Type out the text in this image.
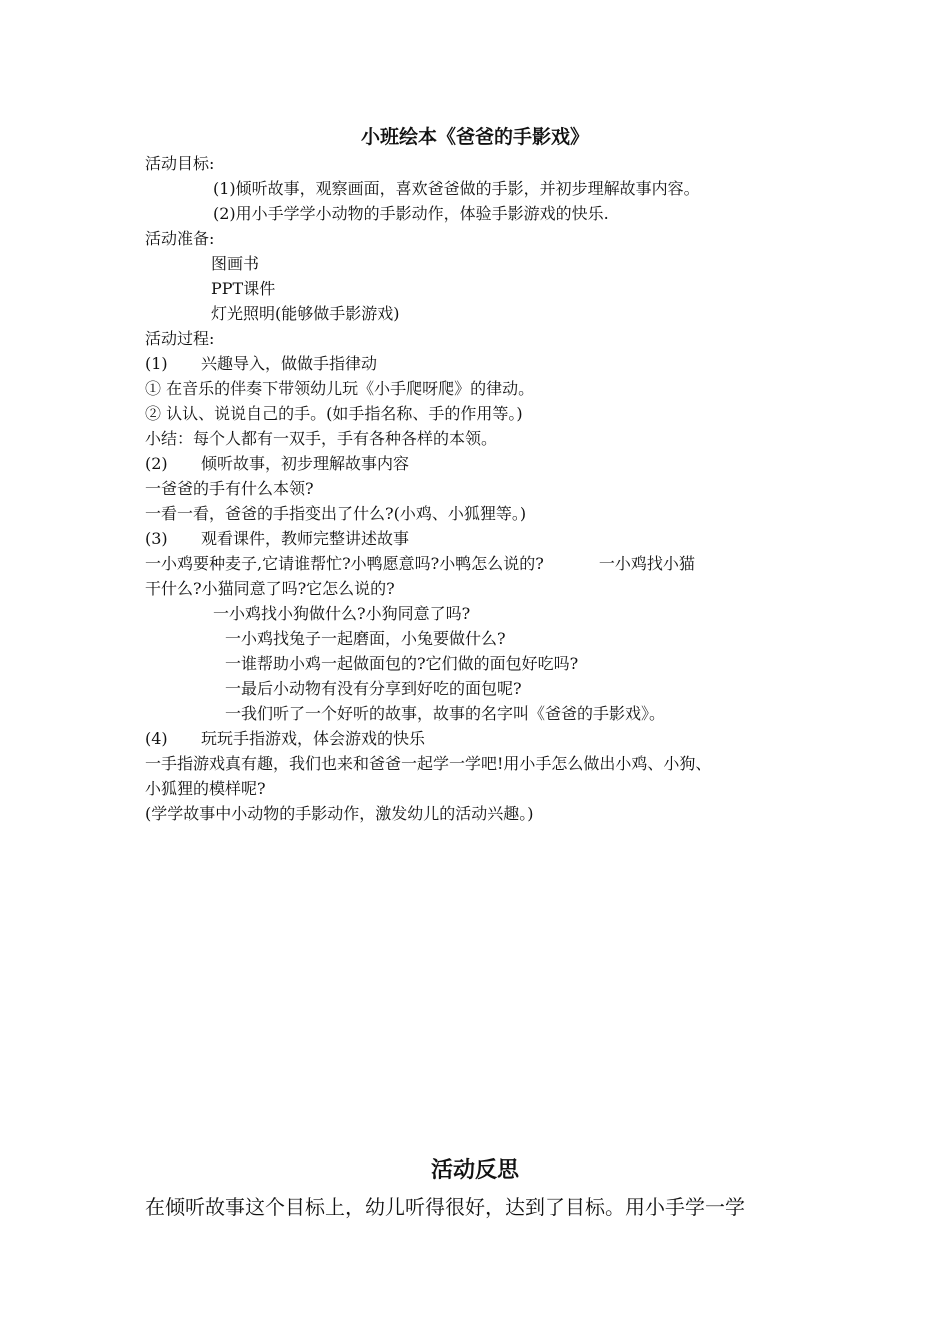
小班绘本《爸爸的手影戏》
活动目标:
(1)倾听故事，观察画面，喜欢爸爸做的手影，并初步理解故事内容。
(2)用小手学学小动物的手影动作，体验手影游戏的快乐.
活动准备:
图画书
PPT课件
灯光照明(能够做手影游戏)
活动过程:
(1) 兴趣导入，做做手指律动
① 在音乐的伴奏下带领幼儿玩《小手爬呀爬》的律动。
② 认认、说说自己的手。(如手指名称、手的作用等。)
小结：每个人都有一双手，手有各种各样的本领。
(2) 倾听故事，初步理解故事内容
一爸爸的手有什么本领?
一看一看，爸爸的手指变出了什么?(小鸡、小狐狸等。)
(3) 观看课件，教师完整讲述故事
一小鸡要种麦子,它请谁帮忙?小鸭愿意吗?小鸭怎么说的?	一小鸡找小猫
干什么?小猫同意了吗?它怎么说的?
一小鸡找小狗做什么?小狗同意了吗?
一小鸡找兔子一起磨面，小兔要做什么?
一谁帮助小鸡一起做面包的?它们做的面包好吃吗?
一最后小动物有没有分享到好吃的面包呢?
一我们听了一个好听的故事，故事的名字叫《爸爸的手影戏》。
(4) 玩玩手指游戏，体会游戏的快乐
一手指游戏真有趣，我们也来和爸爸一起学一学吧!用小手怎么做出小鸡、小狗、
小狐狸的模样呢?
(学学故事中小动物的手影动作，激发幼儿的活动兴趣。)
活动反思
在倾听故事这个目标上，幼儿听得很好，达到了目标。用小手学一学
